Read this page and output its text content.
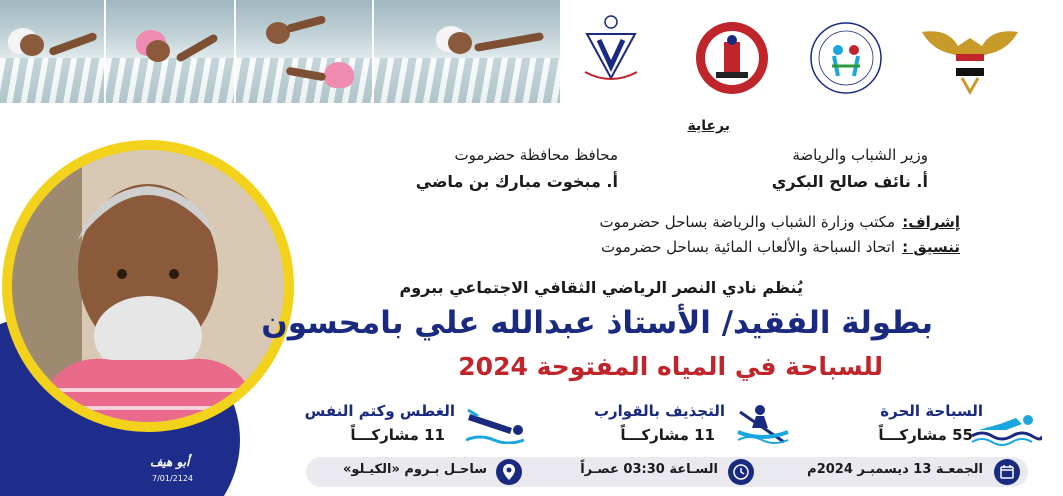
أبو هيف
7/01/2124
برعاية
وزير الشباب والرياضة
محافظ محافظة حضرموت
أ. نائف صالح البكري
أ. مبخوت مبارك بن ماضي
إشراف:
مكتب وزارة الشباب والرياضة بساحل حضرموت
تنسيق :
اتحاد السباحة والألعاب المائية بساحل حضرموت
يُنظم نادي النصر الرياضي الثقافي الاجتماعي ببروم
بطولة الفقيد/ الأستاذ عبدالله علي بامحسون
للسباحة في المياه المفتوحة 2024
السباحة الحرة
55 مشاركـــاً
التجذيف بالقوارب
11 مشاركـــاً
الغطس وكتم النفس
11 مشاركـــاً
الجمعـة 13 ديسمبـر 2024م
السـاعة 03:30 عصـراً
ساحـل بـروم «الكيـلو»
